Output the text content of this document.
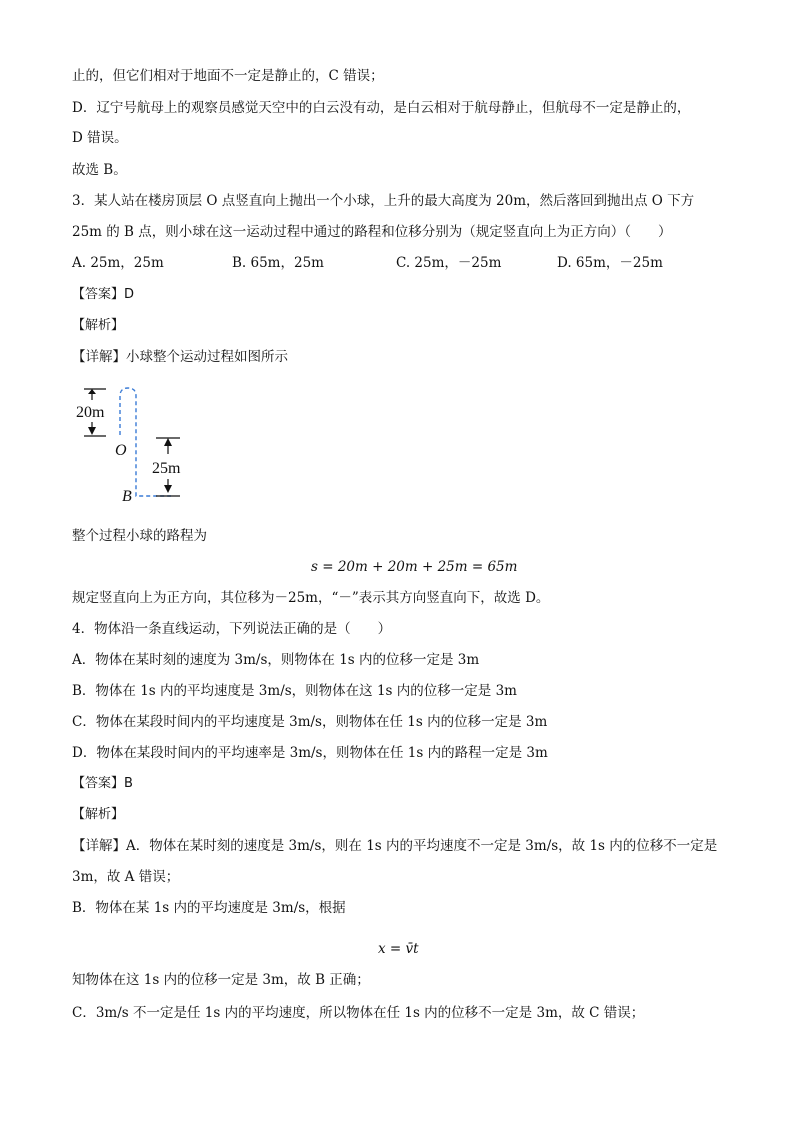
止的，但它们相对于地面不一定是静止的，C 错误；
D．辽宁号航母上的观察员感觉天空中的白云没有动，是白云相对于航母静止，但航母不一定是静止的，
D 错误。
故选 B。
3．某人站在楼房顶层 O 点竖直向上抛出一个小球，上升的最大高度为 20m，然后落回到抛出点 O 下方
25m 的 B 点，则小球在这一运动过程中通过的路程和位移分别为（规定竖直向上为正方向）（　　）
A. 25m，25m	B. 65m，25m	C. 25m，－25m	D. 65m，－25m
【答案】D
【解析】
【详解】小球整个运动过程如图所示
20m
O
25m
B
整个过程小球的路程为
s = 20m + 20m + 25m = 65m
规定竖直向上为正方向，其位移为－25m，“－”表示其方向竖直向下，故选 D。
4．物体沿一条直线运动，下列说法正确的是（　　）
A．物体在某时刻的速度为 3m/s，则物体在 1s 内的位移一定是 3m
B．物体在 1s 内的平均速度是 3m/s，则物体在这 1s 内的位移一定是 3m
C．物体在某段时间内的平均速度是 3m/s，则物体在任 1s 内的位移一定是 3m
D．物体在某段时间内的平均速率是 3m/s，则物体在任 1s 内的路程一定是 3m
【答案】B
【解析】
【详解】A．物体在某时刻的速度是 3m/s，则在 1s 内的平均速度不一定是 3m/s，故 1s 内的位移不一定是
3m，故 A 错误；
B．物体在某 1s 内的平均速度是 3m/s，根据
x = v̄t
知物体在这 1s 内的位移一定是 3m，故 B 正确；
C．3m/s 不一定是任 1s 内的平均速度，所以物体在任 1s 内的位移不一定是 3m，故 C 错误；
